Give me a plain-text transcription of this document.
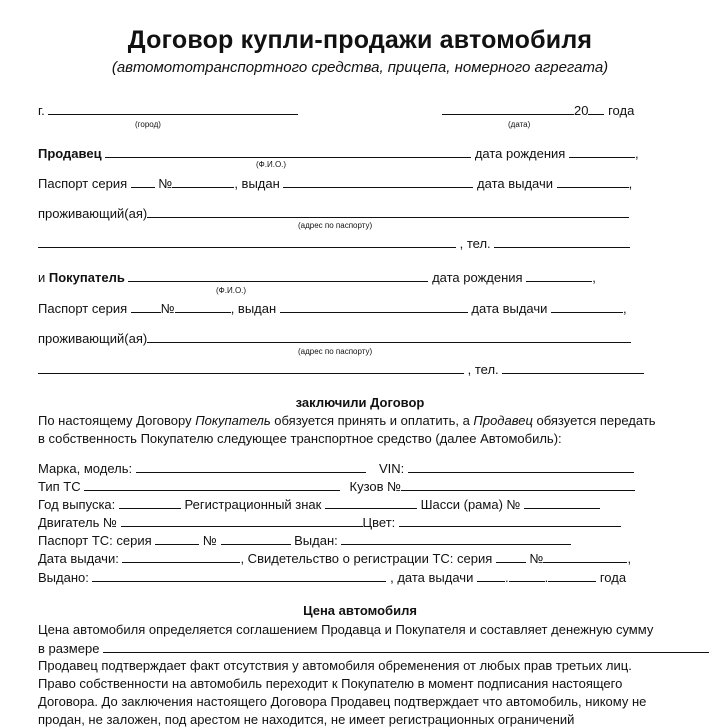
Договор купли-продажи автомобиля
(автомототранспортного средства, прицепа, номерного агрегата)
г.
(город)
20 года
(дата)
Продавец	дата рождения	,
(Ф.И.О.)
Паспорт серия №	, выдан	дата выдачи	,
проживающий(ая)
(адрес по паспорту)
, тел.
и Покупатель	дата рождения	,
(Ф.И.О.)
Паспорт серия	№	, выдан	дата выдачи	,
проживающий(ая)
(адрес по паспорту)
, тел.
заключили Договор
По настоящему Договору Покупатель обязуется принять и оплатить, а Продавец обязуется передать
в собственность Покупателю следующее транспортное средство (далее Автомобиль):
Марка, модель:	VIN:
Тип ТС	Кузов №
Год выпуска:	Регистрационный знак	Шасси (рама) №
Двигатель №	Цвет:
Паспорт ТС: серия	№	Выдан:
Дата выдачи:	, Свидетельство о регистрации ТС: серия	№	,
Выдано:	, дата выдачи .	.	года
Цена автомобиля
Цена автомобиля определяется соглашением Продавца и Покупателя и составляет денежную сумму
в размере
Продавец подтверждает факт отсутствия у автомобиля обременения от любых прав третьих лиц.
Право собственности на автомобиль переходит к Покупателю в момент подписания настоящего
Договора. До заключения настоящего Договора Продавец подтверждает что автомобиль, никому не
продан, не заложен, под арестом не находится, не имеет регистрационных ограничений
